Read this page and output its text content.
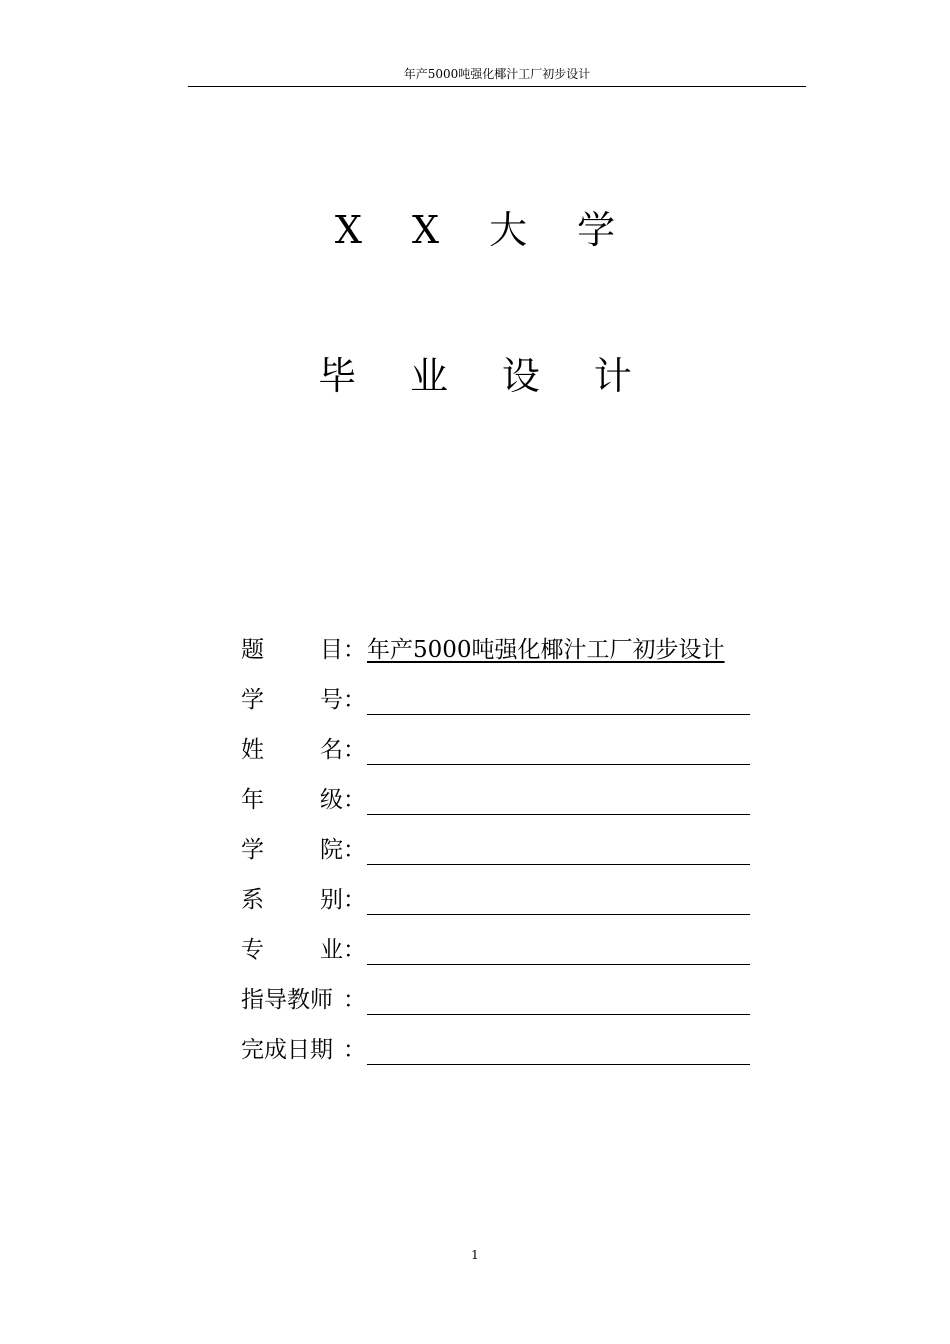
年产5000吨强化椰汁工厂初步设计
X X 大 学
毕 业 设 计
题 目 ： 年产5000吨强化椰汁工厂初步设计
学 号 ：
姓 名 ：
年 级 ：
学 院 ：
系 别 ：
专 业 ：
指导教师 ：
完成日期 ：
1
